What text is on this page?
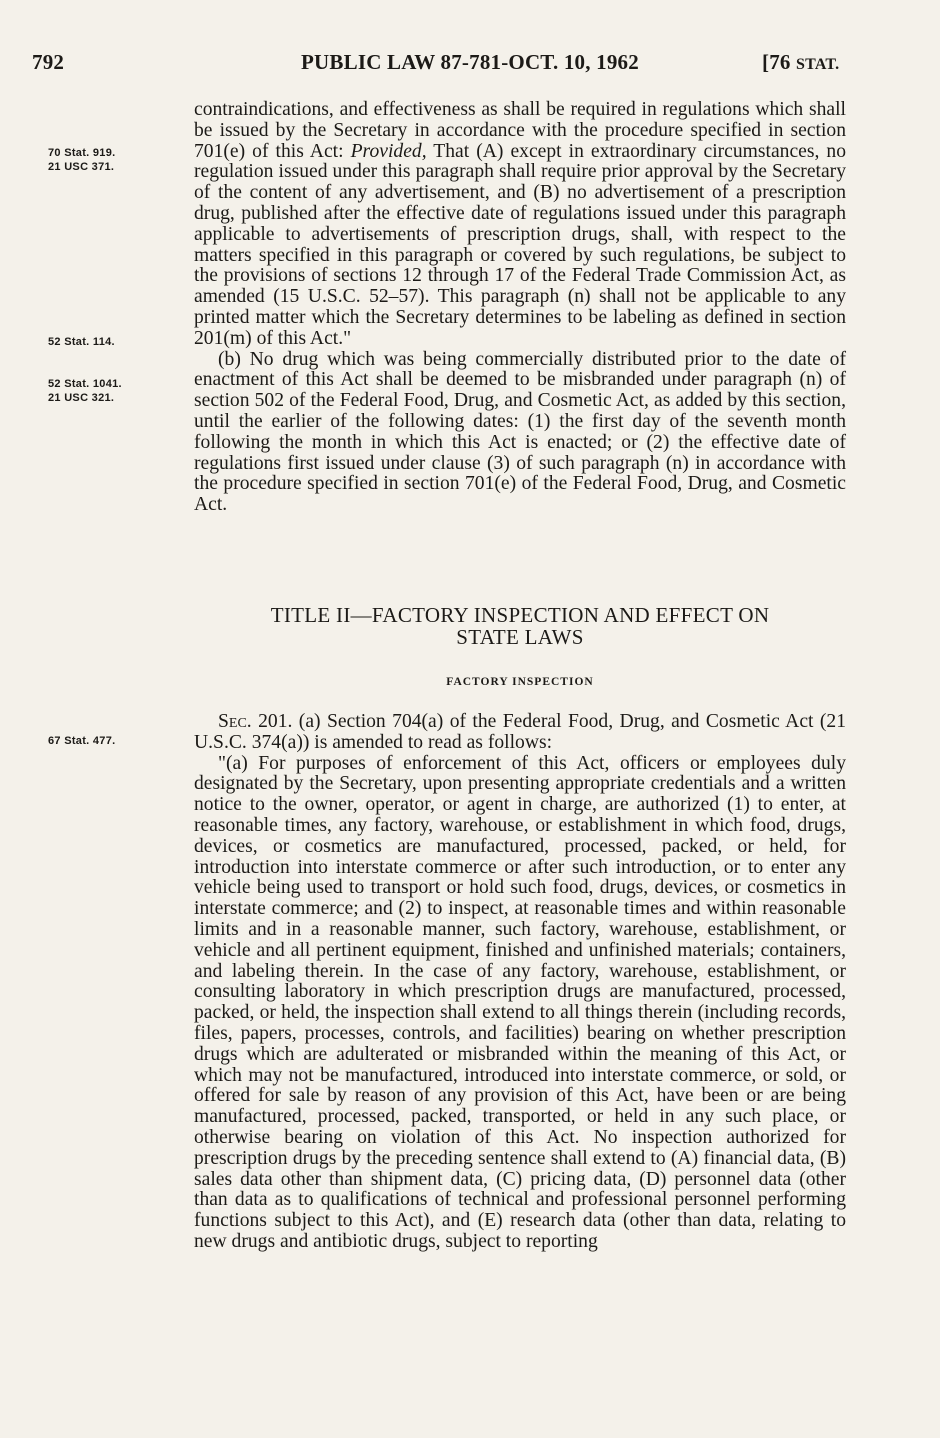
792	PUBLIC LAW 87-781-OCT. 10, 1962	[76 STAT.
70 Stat. 919.
21 USC 371.
52 Stat. 114.
52 Stat. 1041.
21 USC 321.
67 Stat. 477.

contraindications, and effectiveness as shall be required in regulations which shall be issued by the Secretary in accordance with the procedure specified in section 701(e) of this Act: Provided, That (A) except in extraordinary circumstances, no regulation issued under this paragraph shall require prior approval by the Secretary of the content of any advertisement, and (B) no advertisement of a prescription drug, published after the effective date of regulations issued under this paragraph applicable to advertisements of prescription drugs, shall, with respect to the matters specified in this paragraph or covered by such regulations, be subject to the provisions of sections 12 through 17 of the Federal Trade Commission Act, as amended (15 U.S.C. 52–57). This paragraph (n) shall not be applicable to any printed matter which the Secretary determines to be labeling as defined in section 201(m) of this Act."

(b) No drug which was being commercially distributed prior to the date of enactment of this Act shall be deemed to be misbranded under paragraph (n) of section 502 of the Federal Food, Drug, and Cosmetic Act, as added by this section, until the earlier of the following dates: (1) the first day of the seventh month following the month in which this Act is enacted; or (2) the effective date of regulations first issued under clause (3) of such paragraph (n) in accordance with the procedure specified in section 701(e) of the Federal Food, Drug, and Cosmetic Act.

TITLE II—FACTORY INSPECTION AND EFFECT ON
STATE LAWS
FACTORY INSPECTION

Sec. 201. (a) Section 704(a) of the Federal Food, Drug, and Cosmetic Act (21 U.S.C. 374(a)) is amended to read as follows:

"(a) For purposes of enforcement of this Act, officers or employees duly designated by the Secretary, upon presenting appropriate credentials and a written notice to the owner, operator, or agent in charge, are authorized (1) to enter, at reasonable times, any factory, warehouse, or establishment in which food, drugs, devices, or cosmetics are manufactured, processed, packed, or held, for introduction into interstate commerce or after such introduction, or to enter any vehicle being used to transport or hold such food, drugs, devices, or cosmetics in interstate commerce; and (2) to inspect, at reasonable times and within reasonable limits and in a reasonable manner, such factory, warehouse, establishment, or vehicle and all pertinent equipment, finished and unfinished materials; containers, and labeling therein. In the case of any factory, warehouse, establishment, or consulting laboratory in which prescription drugs are manufactured, processed, packed, or held, the inspection shall extend to all things therein (including records, files, papers, processes, controls, and facilities) bearing on whether prescription drugs which are adulterated or misbranded within the meaning of this Act, or which may not be manufactured, introduced into interstate commerce, or sold, or offered for sale by reason of any provision of this Act, have been or are being manufactured, processed, packed, transported, or held in any such place, or otherwise bearing on violation of this Act. No inspection authorized for prescription drugs by the preceding sentence shall extend to (A) financial data, (B) sales data other than shipment data, (C) pricing data, (D) personnel data (other than data as to qualifications of technical and professional personnel performing functions subject to this Act), and (E) research data (other than data, relating to new drugs and antibiotic drugs, subject to reporting
